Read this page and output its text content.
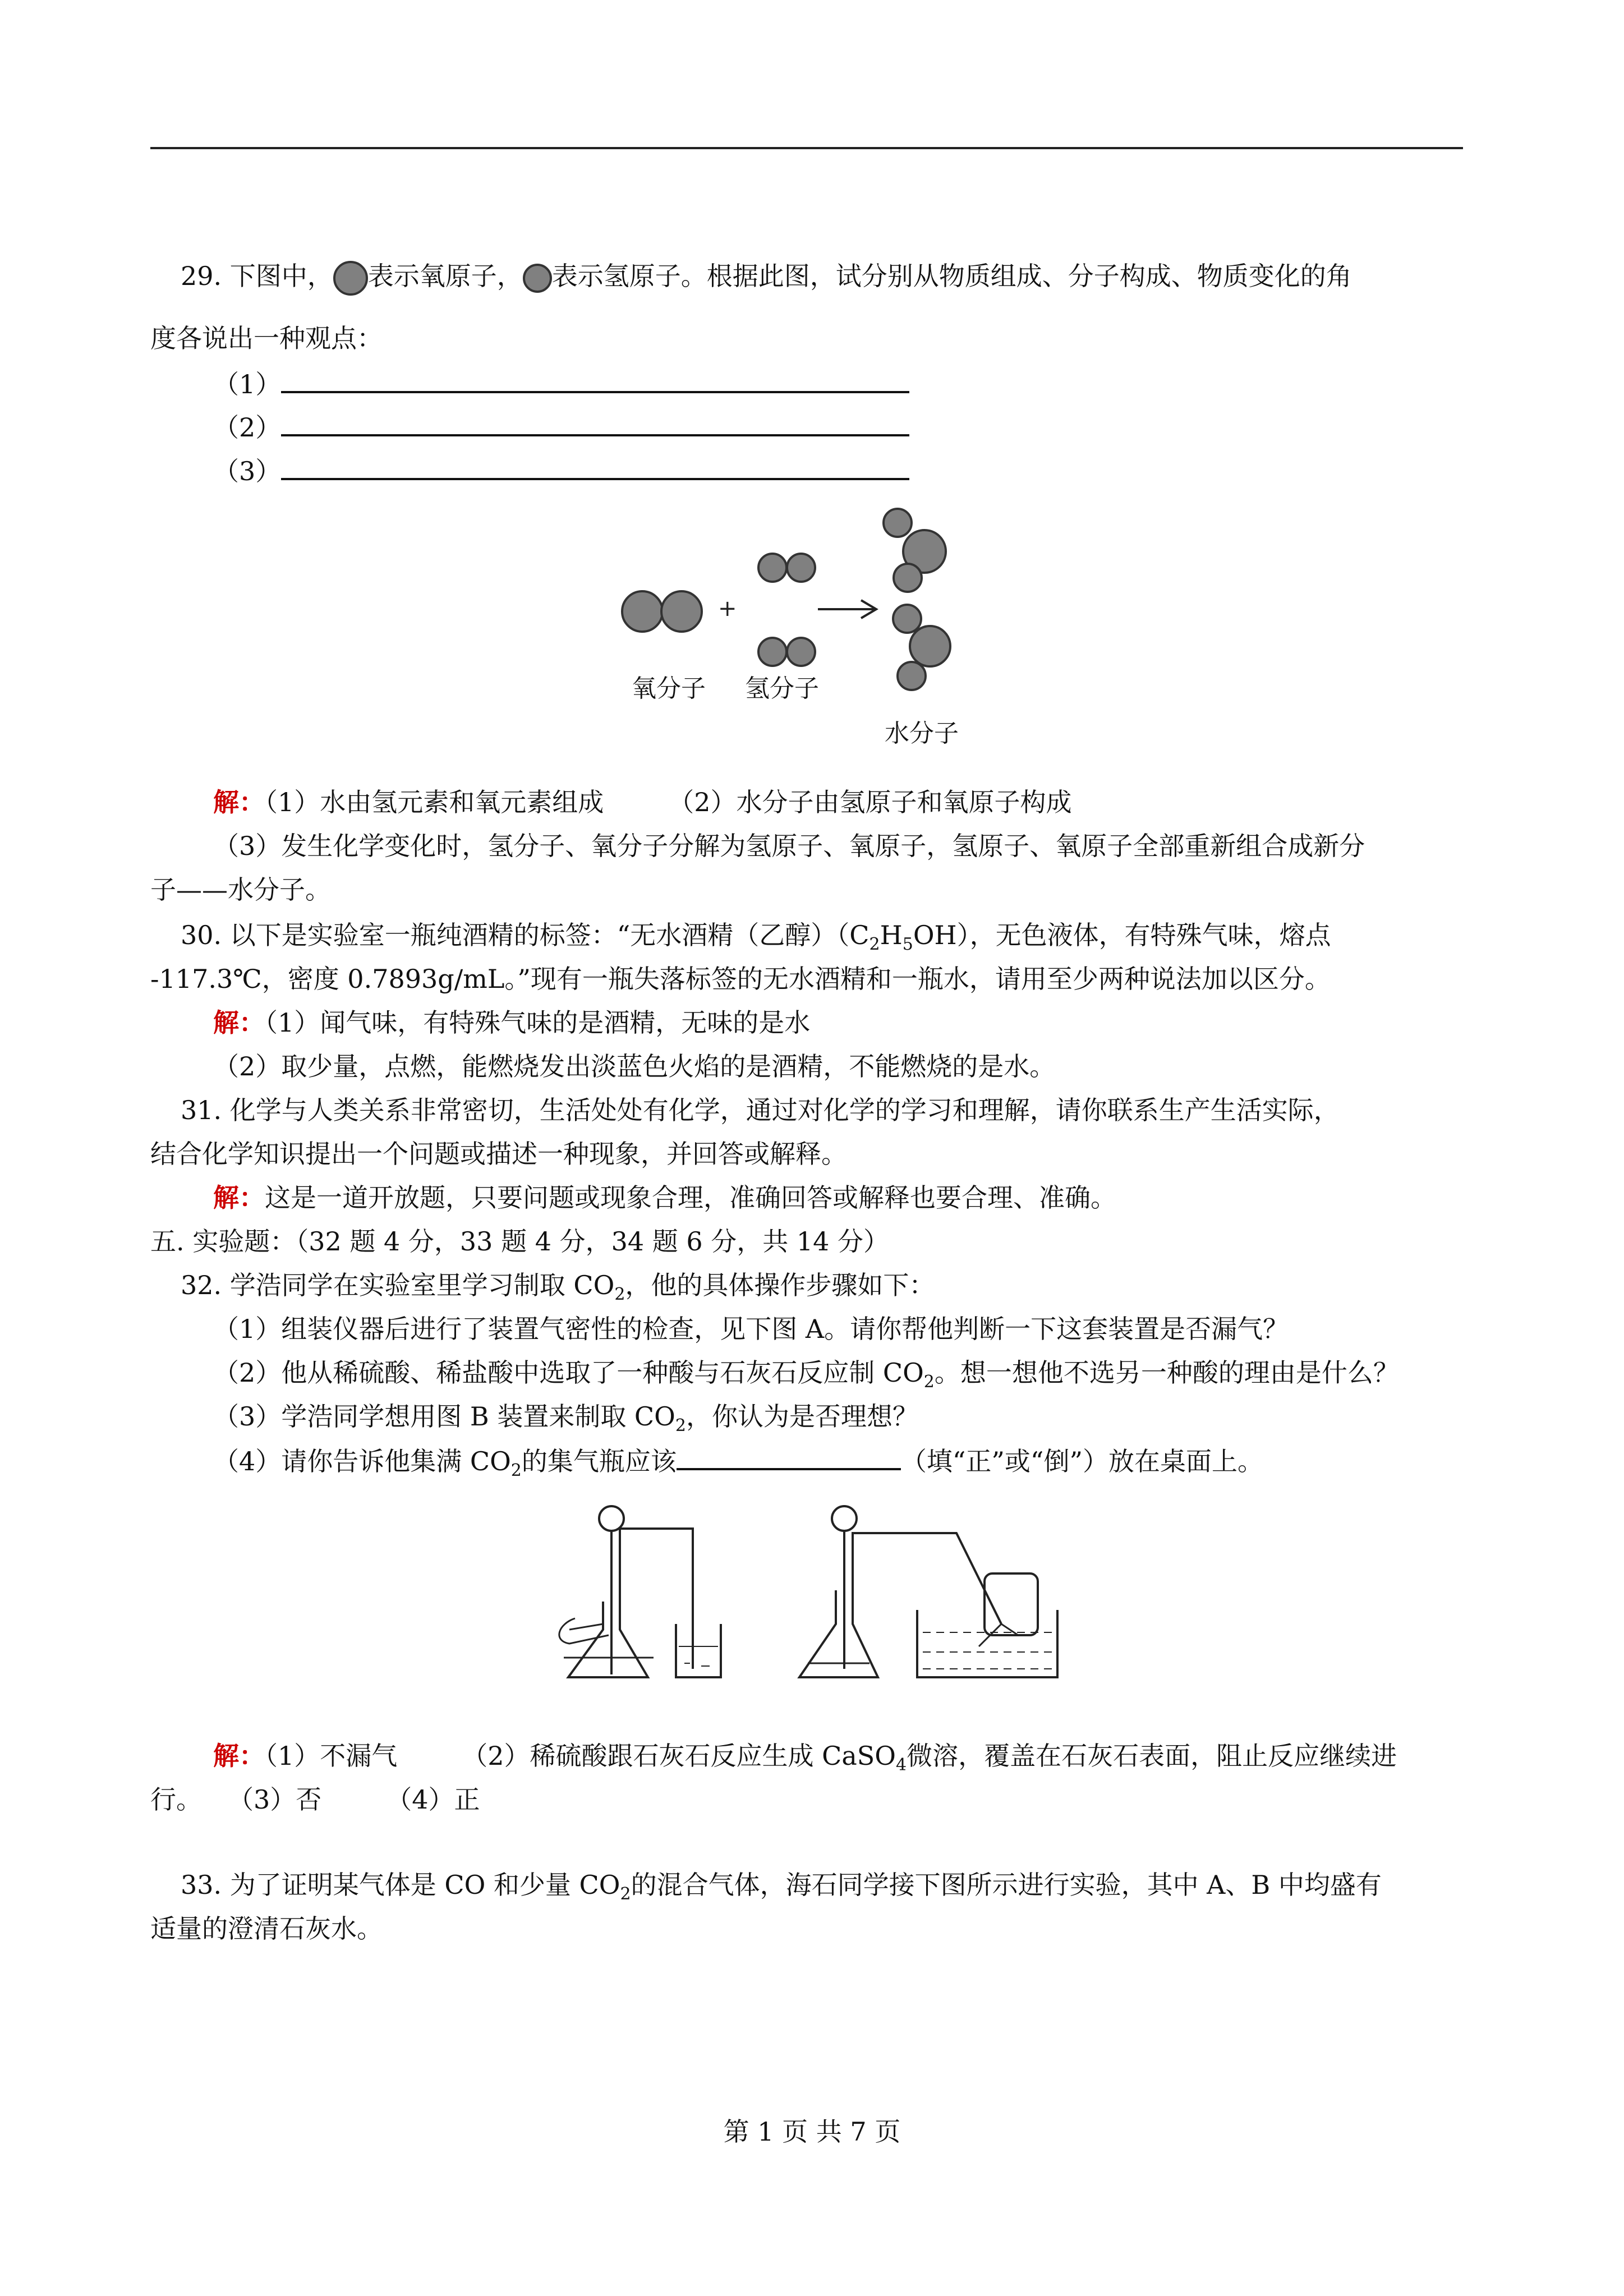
29. 下图中， 表示氧原子， 表示氢原子。根据此图，试分别从物质组成、分子构成、物质变化的角
度各说出一种观点：
（1）
（2）
（3）
+
氧分子 氢分子
水分子
解：（1）水由氢元素和氧元素组成　　　（2）水分子由氢原子和氧原子构成
（3）发生化学变化时，氢分子、氧分子分解为氢原子、氧原子，氢原子、氧原子全部重新组合成新分
子——水分子。
30. 以下是实验室一瓶纯酒精的标签：“无水酒精（乙醇）$(C_2H_5OH)$，无色液体，有特殊气味，熔点
-117.3℃，密度 0.7893g/mL。”现有一瓶失落标签的无水酒精和一瓶水，请用至少两种说法加以区分。
解：（1）闻气味，有特殊气味的是酒精，无味的是水
（2）取少量，点燃，能燃烧发出淡蓝色火焰的是酒精，不能燃烧的是水。
31. 化学与人类关系非常密切，生活处处有化学，通过对化学的学习和理解，请你联系生产生活实际，
结合化学知识提出一个问题或描述一种现象，并回答或解释。
解：这是一道开放题，只要问题或现象合理，准确回答或解释也要合理、准确。
五. 实验题：（32 题 4 分，33 题 4 分，34 题 6 分，共 14 分）
32. 学浩同学在实验室里学习制取 $CO_2$，他的具体操作步骤如下：
（1）组装仪器后进行了装置气密性的检查，见下图 A。请你帮他判断一下这套装置是否漏气？
（2）他从稀硫酸、稀盐酸中选取了一种酸与石灰石反应制 $CO_2$。想一想他不选另一种酸的理由是什么？
（3）学浩同学想用图 B 装置来制取 $CO_2$，你认为是否理想？
（4）请你告诉他集满 $CO_2$的集气瓶应该	（填“正”或“倒”）放在桌面上。
解：（1）不漏气　　　（2）稀硫酸跟石灰石反应生成 CaSO$_4$微溶，覆盖在石灰石表面，阻止反应继续进
行。　　（3）否　　　（4）正
33. 为了证明某气体是 CO 和少量 $CO_2$的混合气体，海石同学接下图所示进行实验，其中 A、B 中均盛有
适量的澄清石灰水。
第 1 页 共 7 页
